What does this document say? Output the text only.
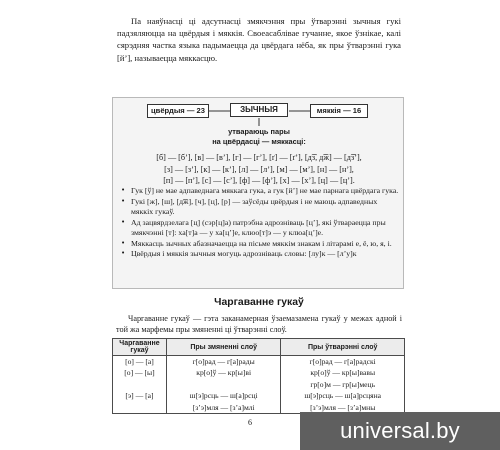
Па наяўнасці ці адсутнасці змякчэння пры ўтварэнні зычныя гукі падзяляюцца на цвёрдыя і мяккія. Своеасаблівае гучанне, якое ўзнікае, калі сярэдняя частка языка падымаецца да цвёрдага нёба, як пры ўтварэнні гука [й’], называецца мяккасцю.

ЗЫЧНЫЯ
цвёрдыя — 23	мяккія — 16
утвараюць пары
на цвёрдасці — мяккасці:
[б] — [б’], [в] — [в’], [г] — [г’], [ґ] — [ґ’], [д͡з, д͡ж] — [д͡з’],
[з] — [з’], [к] — [к’], [л] — [л’], [м] — [м’], [н] — [н’],
[п] — [п’], [с] — [с’], [ф] — [ф’], [х] — [х’], [ц] — [ц’].
• Гук [ў] не мае адпаведнага мяккага гука, а гук [й’] не мае парнага цвёрдага гука.
• Гукі [ж], [ш], [д͡ж], [ч], [ц], [р] — заўсёды цвёрдыя і не маюць адпаведных мяккіх гукаў.
• Ад зацвярдзелага [ц] (сэр[ц]а) патрэбна адрозніваць [ц’], які ўтвараецца пры змякчэнні [т]: ха[т]а — у ха[ц’]е, клюо[т]э — у клюа[ц’]е.
• Мяккасць зычных абазначаецца на пісьме мяккім знакам і літарамі е, ё, ю, я, і.
• Цвёрдыя і мяккія зычныя могуць адрозніваць словы: [лу]к — [л’у]к
Чаргаванне гукаў

Чаргаванне гукаў — гэта заканамерная ўзаемазамена гукаў у межах адной і той жа марфемы пры змяненні ці ўтварэнні слоў.

Чаргаванне гукаў	Пры змяненні слоў	Пры ўтварэнні слоў
[о] — [а]	г[о]рад — г[а]рады	г[о]рад — г[а]радскі
[о] — [ы]	кр[о]ў — кр[ы]ві	кр[о]ў — кр[ы]вавы
		гр[о]м — гр[ы]мець
[э] — [а]	ш[э]рсць — ш[а]рсці	ш[э]рсць — ш[а]рсцяна
	[з’э]мля — [з’а]млі	[з’э]мля — [з’а]мны
6	universal.by
